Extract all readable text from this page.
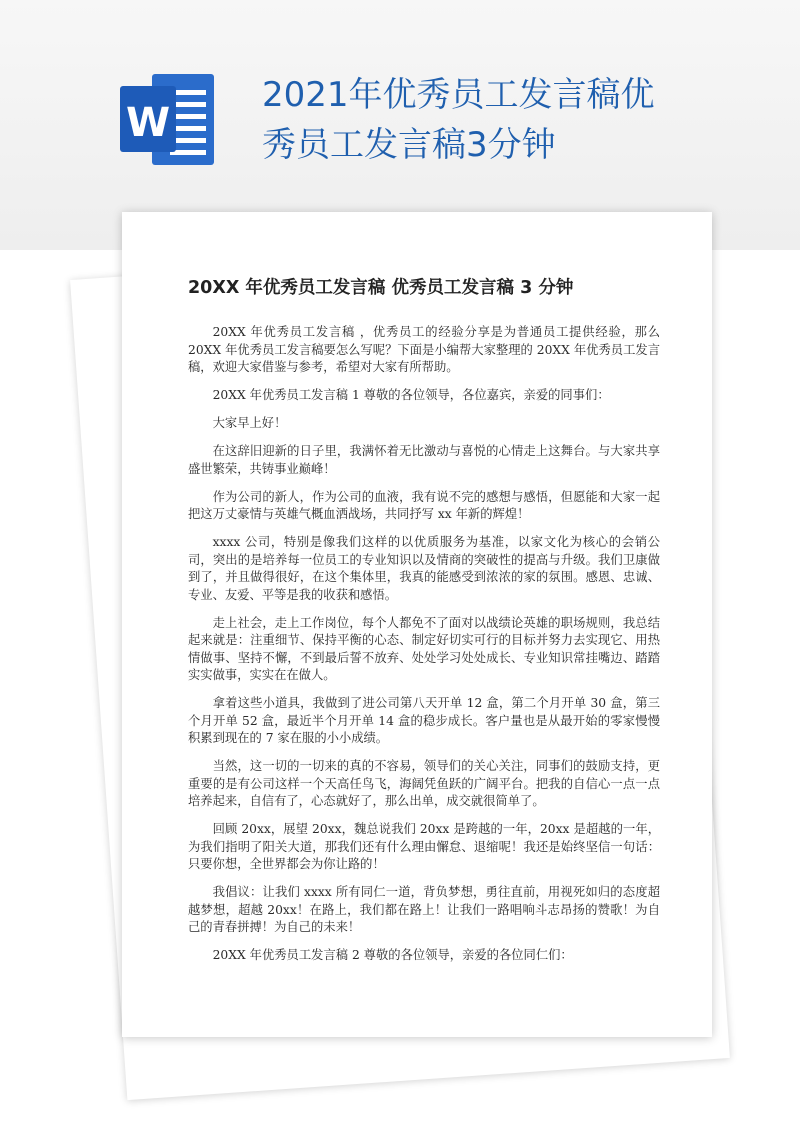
W
2021年优秀员工发言稿优
秀员工发言稿3分钟
20XX 年优秀员工发言稿 优秀员工发言稿 3 分钟

20XX 年优秀员工发言稿 ，优秀员工的经验分享是为普通员工提供经验，那么 20XX 年优秀员工发言稿要怎么写呢？下面是小编帮大家整理的 20XX 年优秀员工发言稿，欢迎大家借鉴与参考，希望对大家有所帮助。

20XX 年优秀员工发言稿 1 尊敬的各位领导，各位嘉宾，亲爱的同事们：

大家早上好！

在这辞旧迎新的日子里，我满怀着无比激动与喜悦的心情走上这舞台。与大家共享盛世繁荣，共铸事业巅峰！

作为公司的新人，作为公司的血液，我有说不完的感想与感悟，但愿能和大家一起把这万丈豪情与英雄气概血洒战场，共同抒写 xx 年新的辉煌！

xxxx 公司，特别是像我们这样的以优质服务为基准，以家文化为核心的会销公司，突出的是培养每一位员工的专业知识以及情商的突破性的提高与升级。我们卫康做到了，并且做得很好，在这个集体里，我真的能感受到浓浓的家的氛围。感恩、忠诚、专业、友爱、平等是我的收获和感悟。

走上社会，走上工作岗位，每个人都免不了面对以战绩论英雄的职场规则，我总结起来就是：注重细节、保持平衡的心态、制定好切实可行的目标并努力去实现它、用热情做事、坚持不懈，不到最后誓不放弃、处处学习处处成长、专业知识常挂嘴边、踏踏实实做事，实实在在做人。

拿着这些小道具，我做到了进公司第八天开单 12 盒，第二个月开单 30 盒，第三个月开单 52 盒，最近半个月开单 14 盒的稳步成长。客户量也是从最开始的零家慢慢积累到现在的 7 家在服的小小成绩。

当然，这一切的一切来的真的不容易，领导们的关心关注，同事们的鼓励支持，更重要的是有公司这样一个天高任鸟飞，海阔凭鱼跃的广阔平台。把我的自信心一点一点培养起来，自信有了，心态就好了，那么出单，成交就很简单了。

回顾 20xx，展望 20xx，魏总说我们 20xx 是跨越的一年，20xx 是超越的一年，为我们指明了阳关大道，那我们还有什么理由懈怠、退缩呢！我还是始终坚信一句话：只要你想，全世界都会为你让路的！

我倡议：让我们 xxxx 所有同仁一道，背负梦想，勇往直前，用视死如归的态度超越梦想，超越 20xx！在路上，我们都在路上！让我们一路唱响斗志昂扬的赞歌！为自己的青春拼搏！为自己的未来！

20XX 年优秀员工发言稿 2 尊敬的各位领导，亲爱的各位同仁们：
